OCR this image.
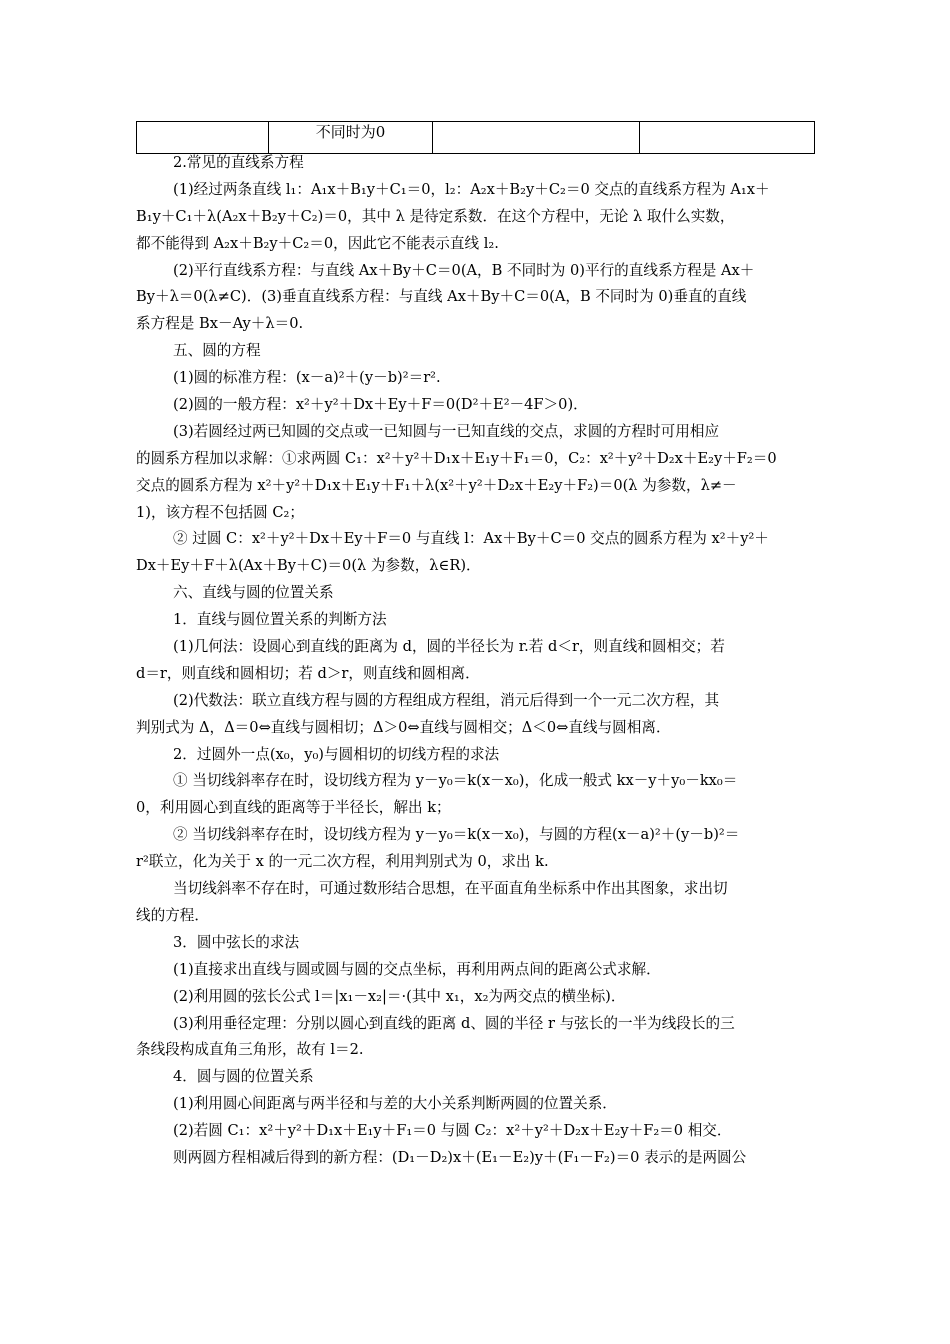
	不同时为0		

2.常见的直线系方程

(1)经过两条直线 l₁：A₁x＋B₁y＋C₁＝0，l₂：A₂x＋B₂y＋C₂＝0 交点的直线系方程为 A₁x＋

B₁y＋C₁＋λ(A₂x＋B₂y＋C₂)＝0，其中 λ 是待定系数．在这个方程中，无论 λ 取什么实数，

都不能得到 A₂x＋B₂y＋C₂＝0，因此它不能表示直线 l₂.

(2)平行直线系方程：与直线 Ax＋By＋C＝0(A，B 不同时为 0)平行的直线系方程是 Ax＋

By＋λ＝0(λ≠C)．(3)垂直直线系方程：与直线 Ax＋By＋C＝0(A，B 不同时为 0)垂直的直线

系方程是 Bx－Ay＋λ＝0.

五、圆的方程

(1)圆的标准方程：(x－a)²＋(y－b)²＝r².

(2)圆的一般方程：x²＋y²＋Dx＋Ey＋F＝0(D²＋E²－4F＞0)．

(3)若圆经过两已知圆的交点或一已知圆与一已知直线的交点，求圆的方程时可用相应

的圆系方程加以求解：①求两圆 C₁：x²＋y²＋D₁x＋E₁y＋F₁＝0，C₂：x²＋y²＋D₂x＋E₂y＋F₂＝0

交点的圆系方程为 x²＋y²＋D₁x＋E₁y＋F₁＋λ(x²＋y²＋D₂x＋E₂y＋F₂)＝0(λ 为参数，λ≠－

1)，该方程不包括圆 C₂；

② 过圆 C：x²＋y²＋Dx＋Ey＋F＝0 与直线 l：Ax＋By＋C＝0 交点的圆系方程为 x²＋y²＋

Dx＋Ey＋F＋λ(Ax＋By＋C)＝0(λ 为参数，λ∈R)．

六、直线与圆的位置关系

1．直线与圆位置关系的判断方法

(1)几何法：设圆心到直线的距离为 d，圆的半径长为 r.若 d＜r，则直线和圆相交；若

d＝r，则直线和圆相切；若 d＞r，则直线和圆相离．

(2)代数法：联立直线方程与圆的方程组成方程组，消元后得到一个一元二次方程，其

判别式为 Δ，Δ＝0⇔直线与圆相切；Δ＞0⇔直线与圆相交；Δ＜0⇔直线与圆相离．

2．过圆外一点(x₀，y₀)与圆相切的切线方程的求法

① 当切线斜率存在时，设切线方程为 y－y₀＝k(x－x₀)，化成一般式 kx－y＋y₀－kx₀＝

0，利用圆心到直线的距离等于半径长，解出 k；

② 当切线斜率存在时，设切线方程为 y－y₀＝k(x－x₀)，与圆的方程(x－a)²＋(y－b)²＝

r²联立，化为关于 x 的一元二次方程，利用判别式为 0，求出 k.

当切线斜率不存在时，可通过数形结合思想，在平面直角坐标系中作出其图象，求出切

线的方程．

3．圆中弦长的求法

(1)直接求出直线与圆或圆与圆的交点坐标，再利用两点间的距离公式求解．

(2)利用圆的弦长公式 l＝|x₁－x₂|＝·(其中 x₁，x₂为两交点的横坐标)．

(3)利用垂径定理：分别以圆心到直线的距离 d、圆的半径 r 与弦长的一半为线段长的三

条线段构成直角三角形，故有 l＝2.

4．圆与圆的位置关系

(1)利用圆心间距离与两半径和与差的大小关系判断两圆的位置关系．

(2)若圆 C₁：x²＋y²＋D₁x＋E₁y＋F₁＝0 与圆 C₂：x²＋y²＋D₂x＋E₂y＋F₂＝0 相交．

则两圆方程相减后得到的新方程：(D₁－D₂)x＋(E₁－E₂)y＋(F₁－F₂)＝0 表示的是两圆公
